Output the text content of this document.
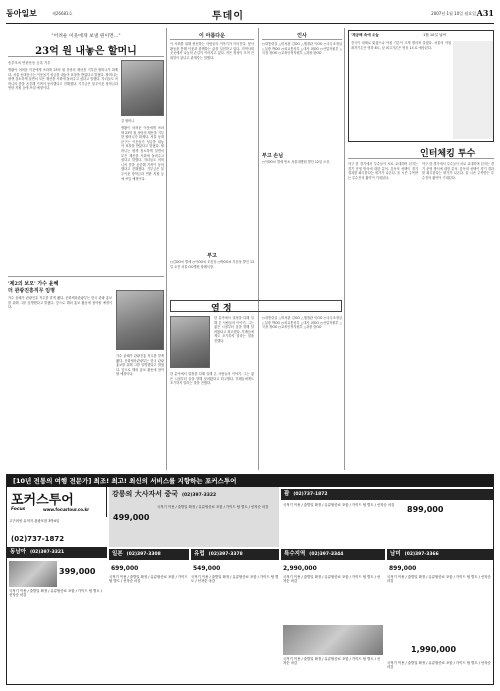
동아일보	제26683호	투데이	2007년 1월 10일 월요일 A31
"어려운 이웃에게 보낼 원이면..."
23억 원 내놓은 할머니
송부모씨 연탄운동 등록 기부
생활이 어려운 이웃에게 쓰라며 23억 원 상당의 재산을 기부한 할머니가 화제다. 서울 동대문구는 이웃돕기 성금을 내놓아 표창을 받았다고 밝혔다. 할머니는 평생 검소하게 살면서 모은 재산을 사회에 돌려주고 싶다고 말했다. 자녀들도 어머니의 뜻을 존중해 기꺼이 동의했다고 전해졌다. 기부금은 불우이웃 장학금과 연탄 지원 등에 쓰일 예정이다.
김 할머니
생활이 어려운 이웃에게 쓰라며 23억 원 상당의 재산을 기부한 할머니가 화제다. 서울 동대문구는 이웃돕기 성금을 내놓아 표창을 받았다고 밝혔다. 할머니는 평생 검소하게 살면서 모은 재산을 사회에 돌려주고 싶다고 말했다. 자녀들도 어머니의 뜻을 존중해 기꺼이 동의했다고 전해졌다. 기부금은 불우이웃 장학금과 연탄 지원 등에 쓰일 예정이다.
'제2의 보모' 가수 윤혜
더 관광진흥직무 임명
가수 윤혜가 관광진흥 직무를 맡게 됐다. 문화체육관광부는 한국 관광 홍보를 위해 그를 임명했다고 밝혔다. 앞으로 해외 홍보 활동에 참여할 예정이다.
가수 윤혜가 관광진흥 직무를 맡게 됐다. 문화체육관광부는 한국 관광 홍보를 위해 그를 임명했다고 밝혔다. 앞으로 해외 홍보 활동에 참여할 예정이다.
이 아름다운
이 사회를 위해 헌신하는 사람들의 이야기가 이어진다. 봉사활동을 통해 이웃과 함께하는 삶을 실천하고 있다. 지역사회 곳곳에서 나눔의 손길이 이어지고 있다. 작은 정성이 모여 큰 희망이 된다고 관계자는 말했다.
부고
○김OO씨 별세 ○이OO씨 모친상 ○박OO씨 부친상 발인 13일 오전 서울 OO병원 장례식장.
열 정
한 분야에서 열정을 다해 일해 온 사람들의 이야기. 그는 젊은 시절부터 꿈을 향해 달려왔다고 회고했다. 후배들에게도 포기하지 말라는 말을 전했다.
한 분야에서 열정을 다해 일해 온 사람들의 이야기. 그는 젊은 시절부터 꿈을 향해 달려왔다고 회고했다. 후배들에게도 포기하지 말라는 말을 전했다.
인사
○대통령실 △비서관 김OO △행정관 이OO ○국무조정실 △실장 박OO ○외교통상부 △대사 최OO ○산업자원부 △국장 정OO ○교육인적자원부 △과장 한OO
부고 손님
○이OO씨 별세 빈소 서울대병원 발인 12일 오전.
○대통령실 △비서관 김OO △행정관 이OO ○국무조정실 △실장 박OO ○외교통상부 △대사 최OO ○산업자원부 △국장 정OO ○교육인적자원부 △과장 한OO
'제공해 속에 오늘	1월 10일 날씨
전국이 대체로 맑겠으나 아침 기온이 크게 떨어져 춥겠다. 서울의 아침 최저기온은 영하 8도, 낮 최고기온은 영상 1도로 예상된다.
인터체킹 투수
야구 한 경기에서 투수들이 서로 교대하며 던지는 경기 운영 방식에 대한 분석. 감독의 선택이 경기 결과를 좌우한다는 평가가 나온다. 올 시즌 주목받는 투수진의 활약이 기대된다.
야구 한 경기에서 투수들이 서로 교대하며 던지는 경기 운영 방식에 대한 분석. 감독의 선택이 경기 결과를 좌우한다는 평가가 나온다. 올 시즌 주목받는 투수진의 활약이 기대된다.
[10년 전통의 여행 전문가] 최조! 최고! 최신의 서비스를 지향하는 포커스투어
포커스투어
Focus	www.focustour.co.kr
고구려성 유적지 관광포함 3박4일
(02)737-1872
동남아 (02)397-3321
399,000
국적기 이용 / 출발일 확정 / 유류할증료 포함 / 가이드 팁 별도 / 선착순 마감
강릉의 大사자서 중국 (02)397-3322
499,000
국적기 이용 / 출발일 확정 / 유류할증료 포함 / 가이드 팁 별도 / 선착순 마감
괌 (02)737-1872
899,000
국적기 이용 / 출발일 확정 / 유류할증료 포함 / 가이드 팁 별도 / 선착순 마감
일본 (02)397-3308	유럽 (02)397-3378	특수지역 (02)397-3344	남미 (02)397-3366
699,000
국적기 이용 / 출발일 확정 / 유류할증료 포함 / 가이드 팁 별도 / 선착순 마감
549,000
국적기 이용 / 출발일 확정 / 유류할증료 포함 / 가이드 팁 별도 / 선착순 마감
2,990,000
국적기 이용 / 출발일 확정 / 유류할증료 포함 / 가이드 팁 별도 / 선착순 마감
국적기 이용 / 출발일 확정 / 유류할증료 포함 / 가이드 팁 별도 / 선착순 마감
899,000
국적기 이용 / 출발일 확정 / 유류할증료 포함 / 가이드 팁 별도 / 선착순 마감
1,990,000
국적기 이용 / 출발일 확정 / 유류할증료 포함 / 가이드 팁 별도 / 선착순 마감
